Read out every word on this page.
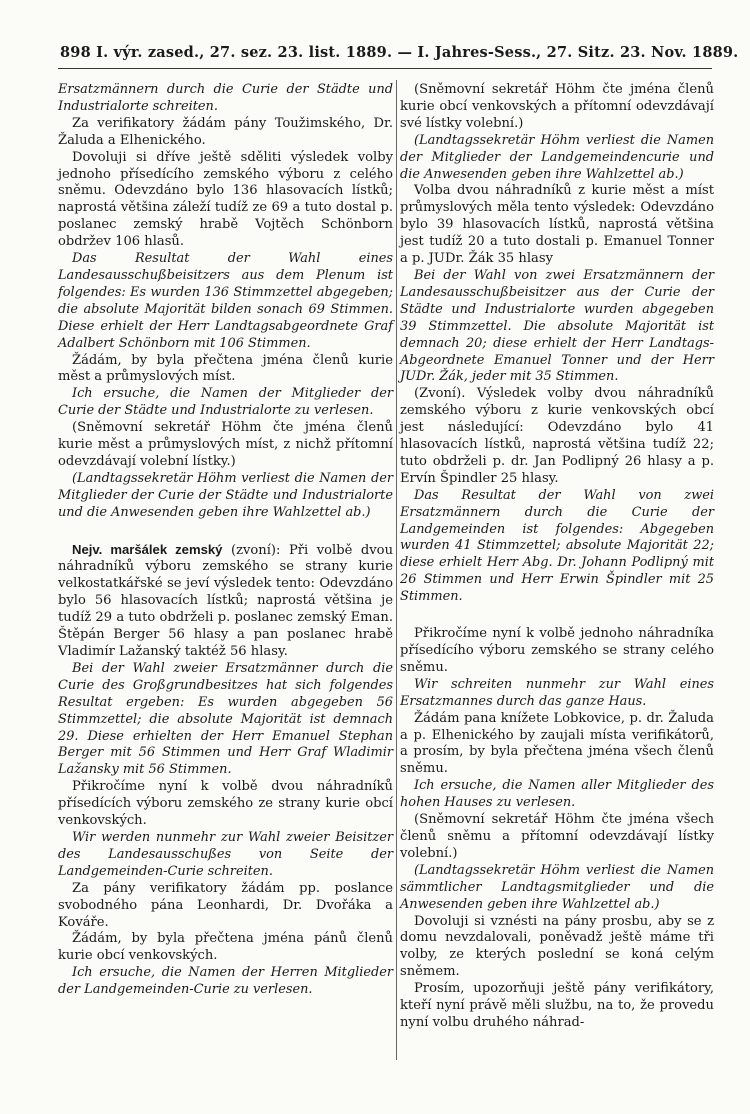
898 I. výr. zased., 27. sez. 23. list. 1889. — I. Jahres-Sess., 27. Sitz. 23. Nov. 1889.

Ersatzmännern durch die Curie der Städte und Industrialorte schreiten.

Za verifikatory žádám pány Toužimského, Dr. Žaluda a Elhenického.

Dovoluji si dříve ještě sděliti výsledek volby jednoho přísedícího zemského výboru z celého sněmu. Odevzdáno bylo 136 hlasovacích lístků; naprostá většina záleží tudíž ze 69 a tuto dostal p. poslanec zemský hrabě Vojtěch Schönborn obdržev 106 hlasů.

Das Resultat der Wahl eines Landesausschußbeisitzers aus dem Plenum ist folgendes: Es wurden 136 Stimmzettel abgegeben; die absolute Majorität bilden sonach 69 Stimmen. Diese erhielt der Herr Landtagsabgeordnete Graf Adalbert Schönborn mit 106 Stimmen.

Žádám, by byla přečtena jména členů kurie měst a průmyslových míst.

Ich ersuche, die Namen der Mitglieder der Curie der Städte und Industrialorte zu verlesen.

(Sněmovní sekretář Höhm čte jména členů kurie měst a průmyslových míst, z nichž přítomní odevzdávají volební lístky.)

(Landtagssekretär Höhm verliest die Namen der Mitglieder der Curie der Städte und Industrialorte und die Anwesenden geben ihre Wahlzettel ab.)

Nejv. maršálek zemský (zvoní): Při volbě dvou náhradníků výboru zemského se strany kurie velkostatkářské se jeví výsledek tento: Odevzdáno bylo 56 hlasovacích lístků; naprostá většina je tudíž 29 a tuto obdrželi p. poslanec zemský Eman. Štěpán Berger 56 hlasy a pan poslanec hrabě Vladimír Lažanský taktéž 56 hlasy.

Bei der Wahl zweier Ersatzmänner durch die Curie des Großgrundbesitzes hat sich folgendes Resultat ergeben: Es wurden abgegeben 56 Stimmzettel; die absolute Majorität ist demnach 29. Diese erhielten der Herr Emanuel Stephan Berger mit 56 Stimmen und Herr Graf Wladimir Lažansky mit 56 Stimmen.

Přikročíme nyní k volbě dvou náhradníků přísedících výboru zemského ze strany kurie obcí venkovských.

Wir werden nunmehr zur Wahl zweier Beisitzer des Landesausschußes von Seite der Landgemeinden-Curie schreiten.

Za pány verifikatory žádám pp. poslance svobodného pána Leonhardi, Dr. Dvořáka a Kováře.

Žádám, by byla přečtena jména pánů členů kurie obcí venkovských.

Ich ersuche, die Namen der Herren Mitglieder der Landgemeinden-Curie zu verlesen.

(Sněmovní sekretář Höhm čte jména členů kurie obcí venkovských a přítomní odevzdávají své lístky volební.)

(Landtagssekretär Höhm verliest die Namen der Mitglieder der Landgemeindencurie und die Anwesenden geben ihre Wahlzettel ab.)

Volba dvou náhradníků z kurie měst a míst průmyslových měla tento výsledek: Odevzdáno bylo 39 hlasovacích lístků, naprostá většina jest tudíž 20 a tuto dostali p. Emanuel Tonner a p. JUDr. Žák 35 hlasy

Bei der Wahl von zwei Ersatzmännern der Landesausschußbeisitzer aus der Curie der Städte und Industrialorte wurden abgegeben 39 Stimmzettel. Die absolute Majorität ist demnach 20; diese erhielt der Herr Landtags-Abgeordnete Emanuel Tonner und der Herr JUDr. Žák, jeder mit 35 Stimmen.

(Zvoní). Výsledek volby dvou náhradníků zemského výboru z kurie venkovských obcí jest následující: Odevzdáno bylo 41 hlasovacích lístků, naprostá většina tudíž 22; tuto obdrželi p. dr. Jan Podlipný 26 hlasy a p. Ervín Špindler 25 hlasy.

Das Resultat der Wahl von zwei Ersatzmännern durch die Curie der Landgemeinden ist folgendes: Abgegeben wurden 41 Stimmzettel; absolute Majorität 22; diese erhielt Herr Abg. Dr. Johann Podlipný mit 26 Stimmen und Herr Erwin Špindler mit 25 Stimmen.

Přikročíme nyní k volbě jednoho náhradníka přísedícího výboru zemského se strany celého sněmu.

Wir schreiten nunmehr zur Wahl eines Ersatzmannes durch das ganze Haus.

Žádám pana knížete Lobkovice, p. dr. Žaluda a p. Elhenického by zaujali místa verifikátorů, a prosím, by byla přečtena jména všech členů sněmu.

Ich ersuche, die Namen aller Mitglieder des hohen Hauses zu verlesen.

(Sněmovní sekretář Höhm čte jména všech členů sněmu a přítomní odevzdávají lístky volební.)

(Landtagssekretär Höhm verliest die Namen sämmtlicher Landtagsmitglieder und die Anwesenden geben ihre Wahlzettel ab.)

Dovoluji si vznésti na pány prosbu, aby se z domu nevzdalovali, poněvadž ještě máme tři volby, ze kterých poslední se koná celým sněmem.

Prosím, upozorňuji ještě pány verifikátory, kteří nyní právě měli službu, na to, že provedu nyní volbu druhého náhrad-
